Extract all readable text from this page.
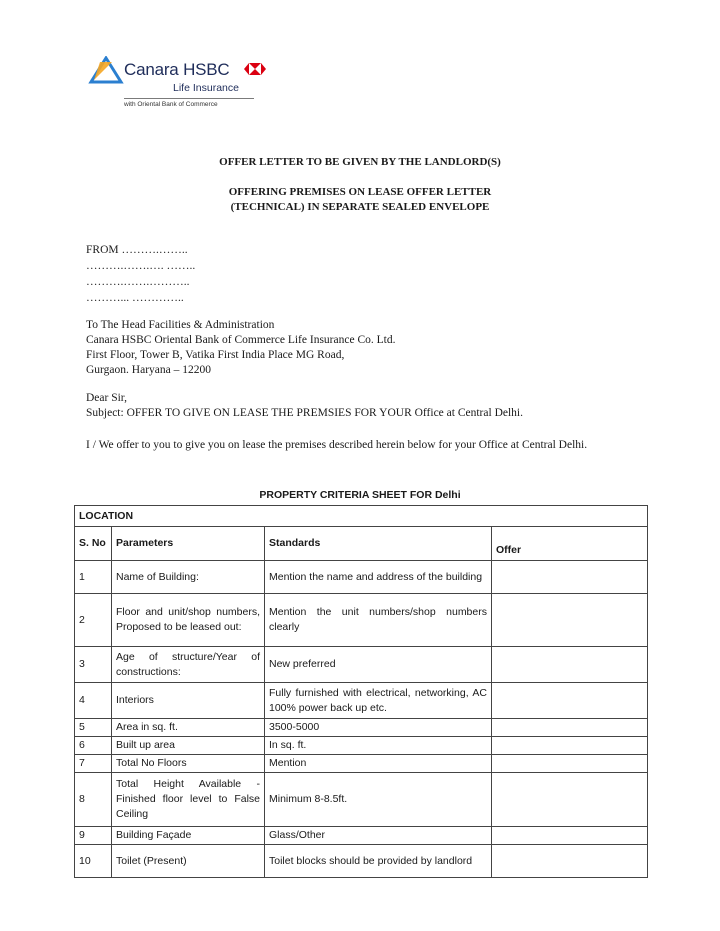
Canara HSBC
Life Insurance
with Oriental Bank of Commerce
OFFER LETTER TO BE GIVEN BY THE LANDLORD(S)
OFFERING PREMISES ON LEASE OFFER LETTER
(TECHNICAL) IN SEPARATE SEALED ENVELOPE
FROM ……….……..
……….…….…. ……..
……….…….………..
………... …………..
To The Head Facilities & Administration
Canara HSBC Oriental Bank of Commerce Life Insurance Co. Ltd.
First Floor, Tower B, Vatika First India Place MG Road,
Gurgaon. Haryana – 12200
Dear Sir,
Subject: OFFER TO GIVE ON LEASE THE PREMSIES FOR YOUR Office at Central Delhi.
I / We offer to you to give you on lease the premises described herein below for your Office at Central Delhi.
PROPERTY CRITERIA SHEET FOR Delhi
LOCATION			
S. No	Parameters	Standards	Offer
1	Name of Building:	Mention the name and address of the building	
2	Floor and unit/shop numbers, Proposed to be leased out:	Mention the unit numbers/shop numbers clearly	
3	Age of structure/Year of constructions:	New preferred	
4	Interiors	Fully furnished with electrical, networking, AC 100% power back up etc.	
5	Area in sq. ft.	3500-5000	
6	Built up area	In sq. ft.	
7	Total No Floors	Mention	
8	Total Height Available - Finished floor level to False Ceiling	Minimum 8-8.5ft.	
9	Building Façade	Glass/Other	
10	Toilet (Present)	Toilet blocks should be provided by landlord	
